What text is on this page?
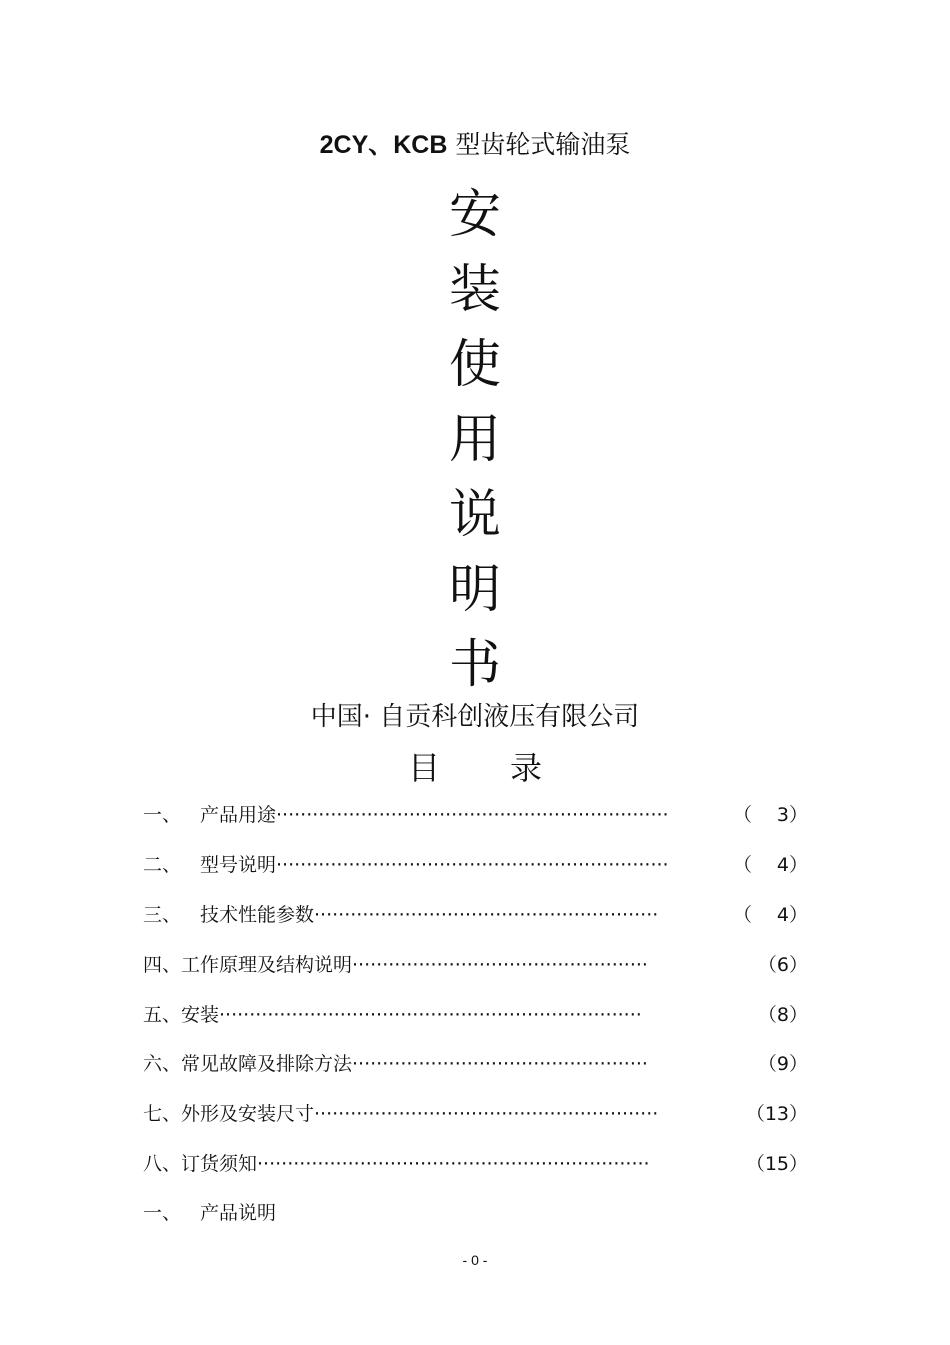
2CY、KCB 型齿轮式输油泵
安
装
使
用
说
明
书
中国· 自贡科创液压有限公司
目 录
一、 产品用途·································································	（ 3）
二、 型号说明·································································	（ 4）
三、 技术性能参数·························································	（ 4）
四、工作原理及结构说明·················································	（6）
五、安装······································································	（8）
六、常见故障及排除方法·················································	（9）
七、外形及安装尺寸·························································	（13）
八、订货须知·································································	（15）
一、 产品说明
- 0 -
